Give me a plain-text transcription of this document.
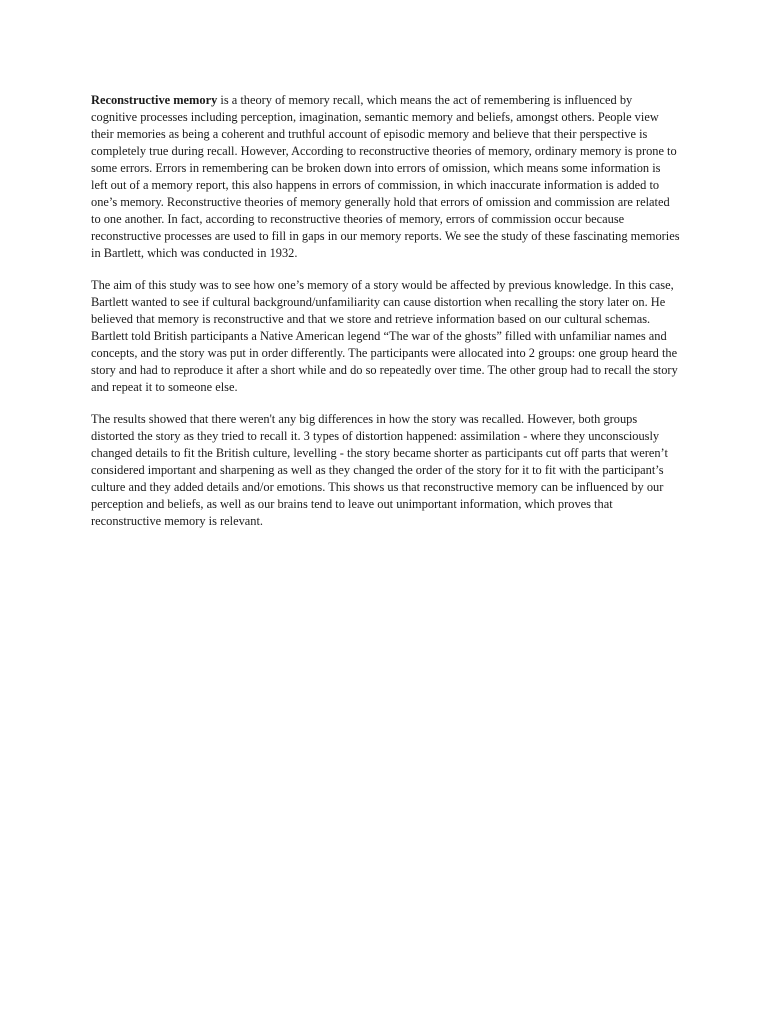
Reconstructive memory is a theory of memory recall, which means the act of remembering is influenced by cognitive processes including perception, imagination, semantic memory and beliefs, amongst others. People view their memories as being a coherent and truthful account of episodic memory and believe that their perspective is completely true during recall. However, According to reconstructive theories of memory, ordinary memory is prone to some errors. Errors in remembering can be broken down into errors of omission, which means some information is left out of a memory report, this also happens in errors of commission, in which inaccurate information is added to one’s memory. Reconstructive theories of memory generally hold that errors of omission and commission are related to one another. In fact, according to reconstructive theories of memory, errors of commission occur because reconstructive processes are used to fill in gaps in our memory reports. We see the study of these fascinating memories in Bartlett, which was conducted in 1932.

The aim of this study was to see how one’s memory of a story would be affected by previous knowledge. In this case, Bartlett wanted to see if cultural background/unfamiliarity can cause distortion when recalling the story later on. He believed that memory is reconstructive and that we store and retrieve information based on our cultural schemas. Bartlett told British participants a Native American legend “The war of the ghosts” filled with unfamiliar names and concepts, and the story was put in order differently. The participants were allocated into 2 groups: one group heard the story and had to reproduce it after a short while and do so repeatedly over time. The other group had to recall the story and repeat it to someone else.

The results showed that there weren't any big differences in how the story was recalled. However, both groups distorted the story as they tried to recall it. 3 types of distortion happened: assimilation - where they unconsciously changed details to fit the British culture, levelling - the story became shorter as participants cut off parts that weren’t considered important and sharpening as well as they changed the order of the story for it to fit with the participant’s culture and they added details and/or emotions. This shows us that reconstructive memory can be influenced by our perception and beliefs, as well as our brains tend to leave out unimportant information, which proves that reconstructive memory is relevant.
